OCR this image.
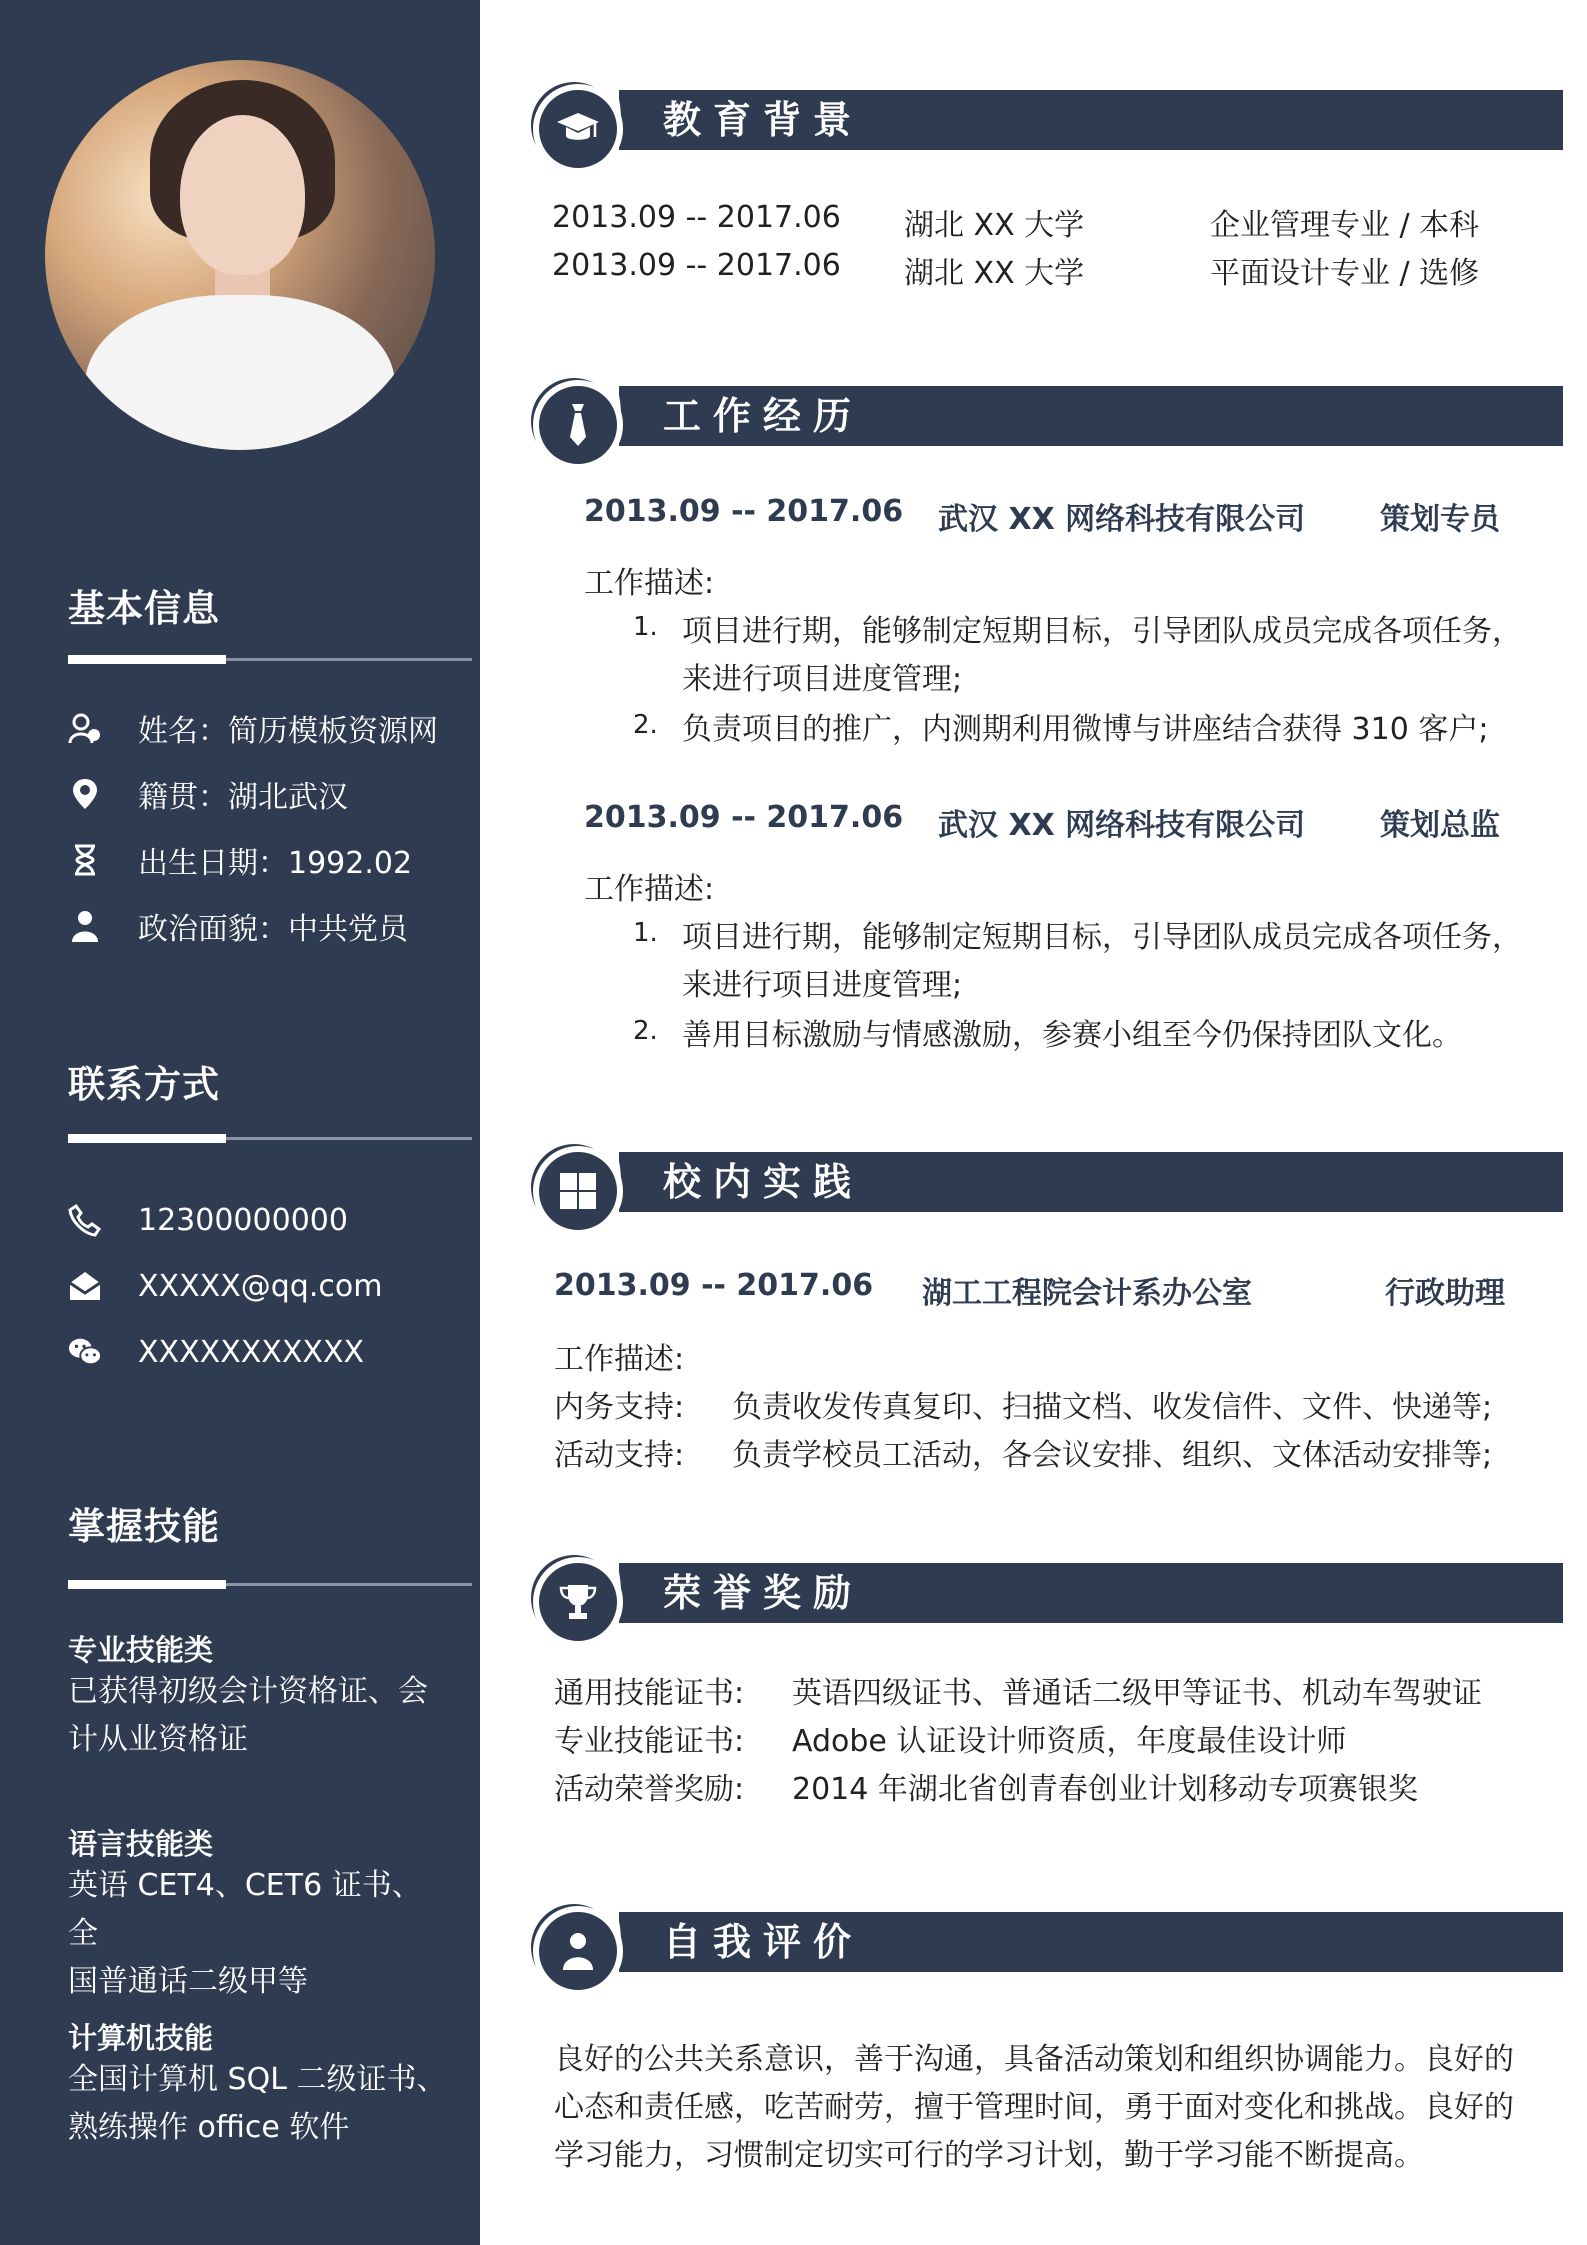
基本信息
姓名：简历模板资源网
籍贯：湖北武汉
出生日期：1992.02
政治面貌：中共党员
联系方式
12300000000
XXXXX@qq.com
XXXXXXXXXXX
掌握技能
专业技能类
已获得初级会计资格证、会
计从业资格证
语言技能类
英语 CET4、CET6 证书、全
国普通话二级甲等
计算机技能
全国计算机 SQL 二级证书、
熟练操作 office 软件
教育背景
2013.09 -- 2017.06 湖北 XX 大学	企业管理专业 / 本科
2013.09 -- 2017.06 湖北 XX 大学	平面设计专业 / 选修
工作经历
2013.09 -- 2017.06 武汉 XX 网络科技有限公司 策划专员
工作描述:
1. 项目进行期，能够制定短期目标，引导团队成员完成各项任务，
来进行项目进度管理;
2. 负责项目的推广，内测期利用微博与讲座结合获得 310 客户;
2013.09 -- 2017.06 武汉 XX 网络科技有限公司 策划总监
工作描述:
1. 项目进行期，能够制定短期目标，引导团队成员完成各项任务，
来进行项目进度管理;
2. 善用目标激励与情感激励，参赛小组至今仍保持团队文化。
校内实践
2013.09 -- 2017.06 湖工工程院会计系办公室	行政助理
工作描述:
内务支持: 负责收发传真复印、扫描文档、收发信件、文件、快递等;
活动支持: 负责学校员工活动，各会议安排、组织、文体活动安排等;
荣誉奖励
通用技能证书: 英语四级证书、普通话二级甲等证书、机动车驾驶证
专业技能证书: Adobe 认证设计师资质，年度最佳设计师
活动荣誉奖励: 2014 年湖北省创青春创业计划移动专项赛银奖
自我评价
良好的公共关系意识，善于沟通，具备活动策划和组织协调能力。良好的
心态和责任感，吃苦耐劳，擅于管理时间，勇于面对变化和挑战。良好的
学习能力，习惯制定切实可行的学习计划，勤于学习能不断提高。
